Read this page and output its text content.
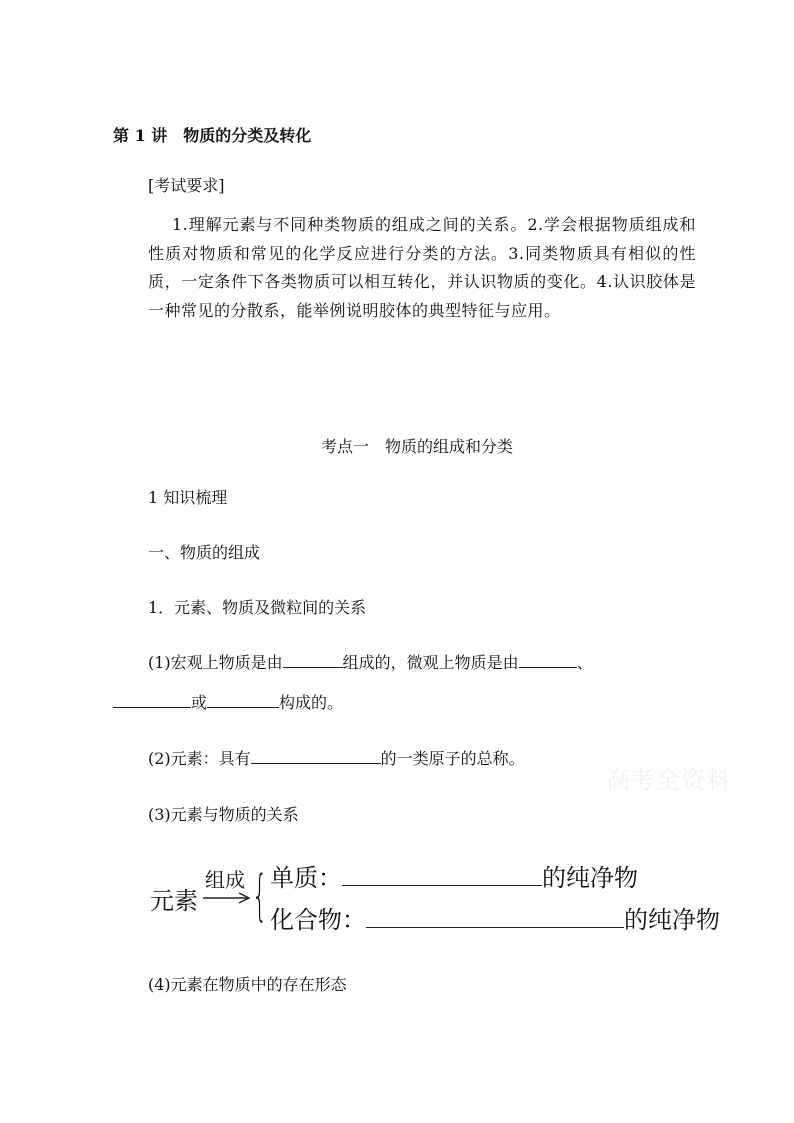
第 1 讲　物质的分类及转化
[考试要求]
1.理解元素与不同种类物质的组成之间的关系。2.学会根据物质组成和性质对物质和常见的化学反应进行分类的方法。3.同类物质具有相似的性质，一定条件下各类物质可以相互转化，并认识物质的变化。4.认识胶体是一种常见的分散系，能举例说明胶体的典型特征与应用。
考点一　物质的组成和分类
1 知识梳理
一、物质的组成
1．元素、物质及微粒间的关系
(1)宏观上物质是由	组成的，微观上物质是由	、
或	构成的。
(2)元素：具有	的一类原子的总称。
(3)元素与物质的关系
元素
组成 { 单质：	的纯净物
化合物：	的纯净物
(4)元素在物质中的存在形态
高考全资料
